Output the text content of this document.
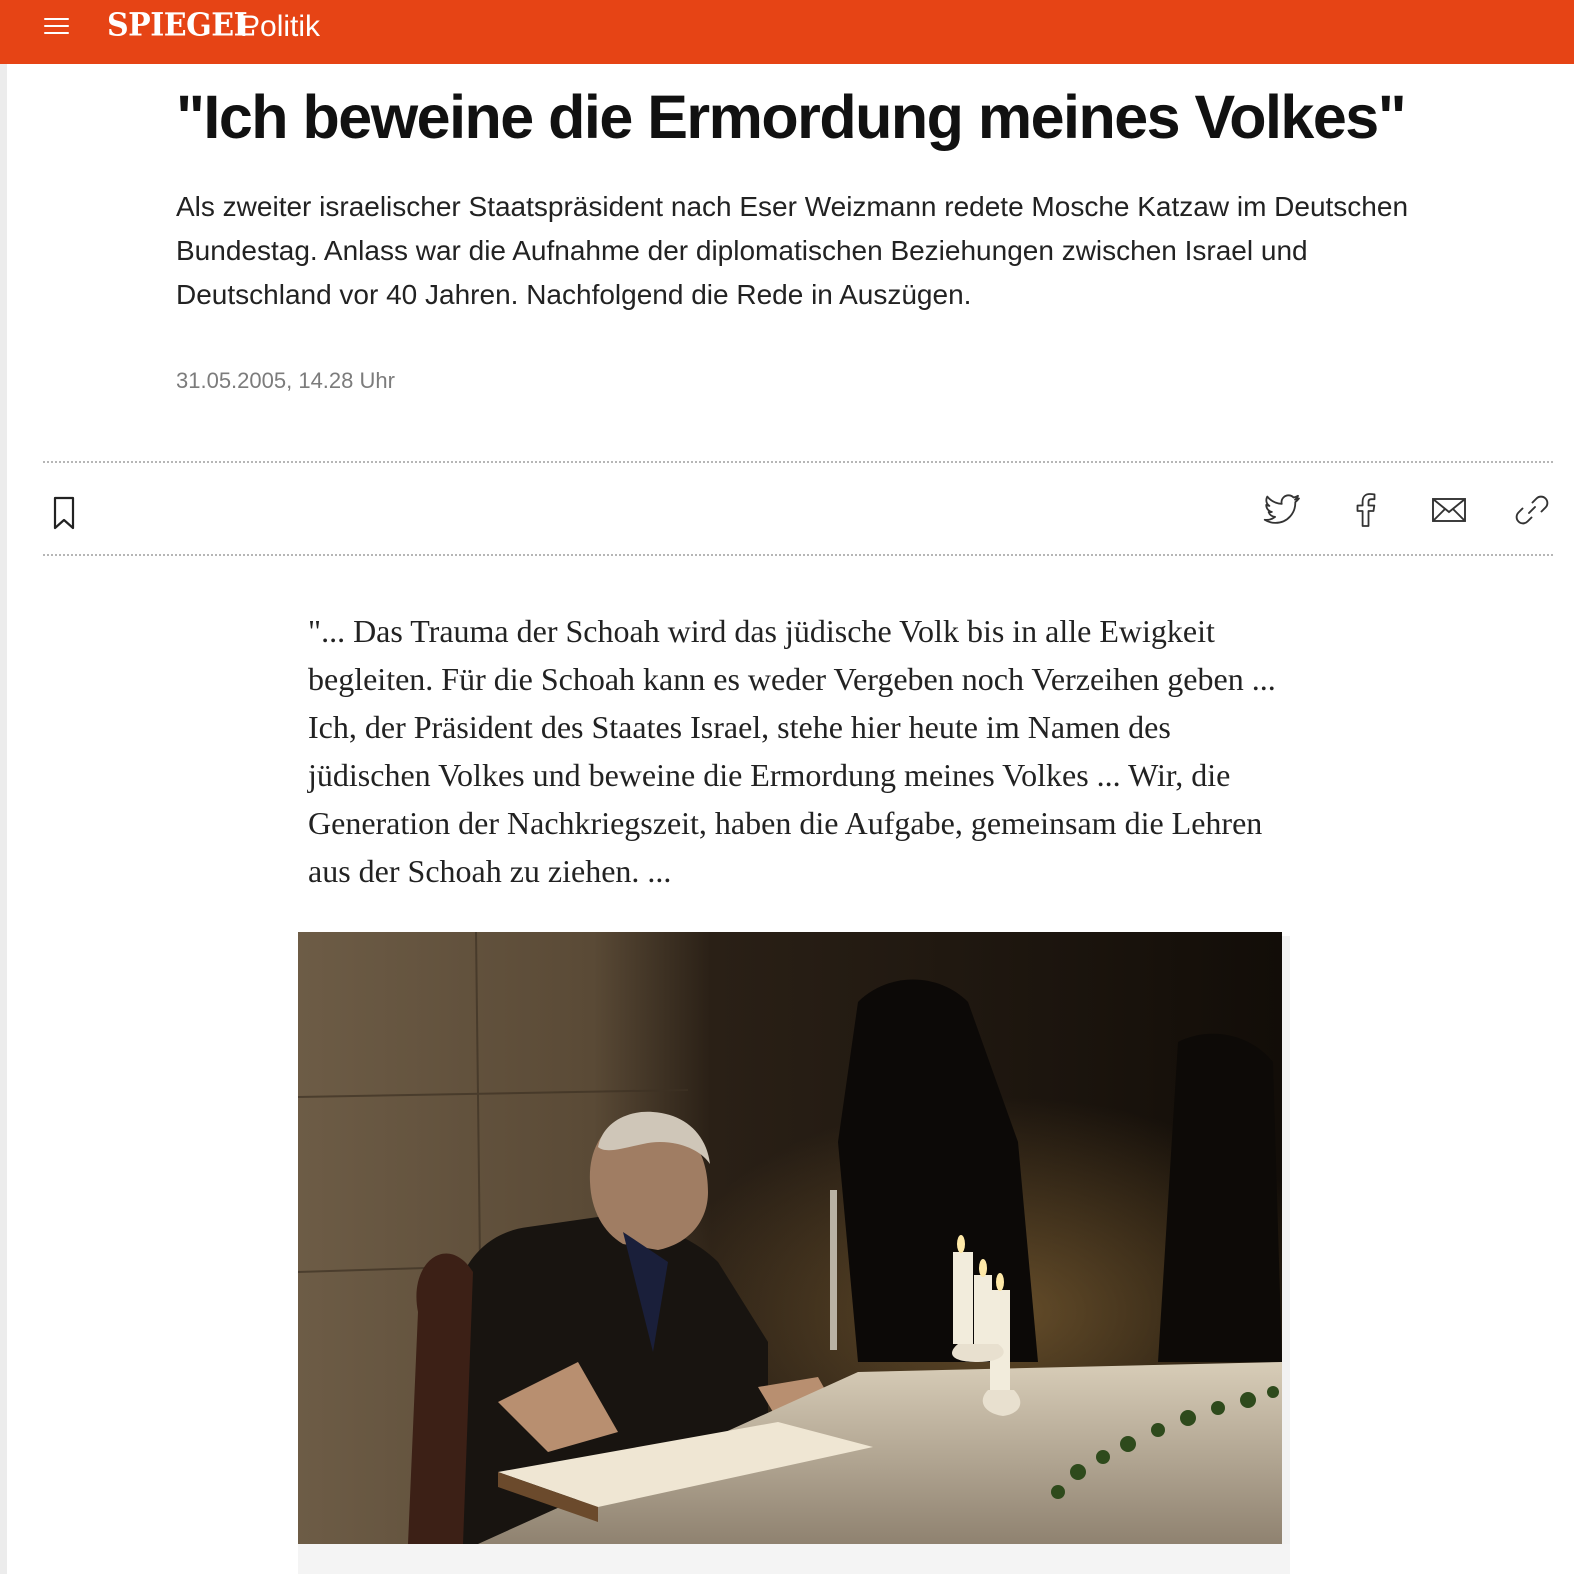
SPIEGEL
Politik
"Ich beweine die Ermordung meines Volkes"

Als zweiter israelischer Staatspräsident nach Eser Weizmann redete Mosche Katzaw im Deutschen Bundestag. Anlass war die Aufnahme der diplomatischen Beziehungen zwischen Israel und Deutschland vor 40 Jahren. Nachfolgend die Rede in Auszügen.

31.05.2005, 14.28 Uhr

"... Das Trauma der Schoah wird das jüdische Volk bis in alle Ewigkeit begleiten. Für die Schoah kann es weder Vergeben noch Verzeihen geben ... Ich, der Präsident des Staates Israel, stehe hier heute im Namen des jüdischen Volkes und beweine die Ermordung meines Volkes ... Wir, die Generation der Nachkriegszeit, haben die Aufgabe, gemeinsam die Lehren aus der Schoah zu ziehen. ...
